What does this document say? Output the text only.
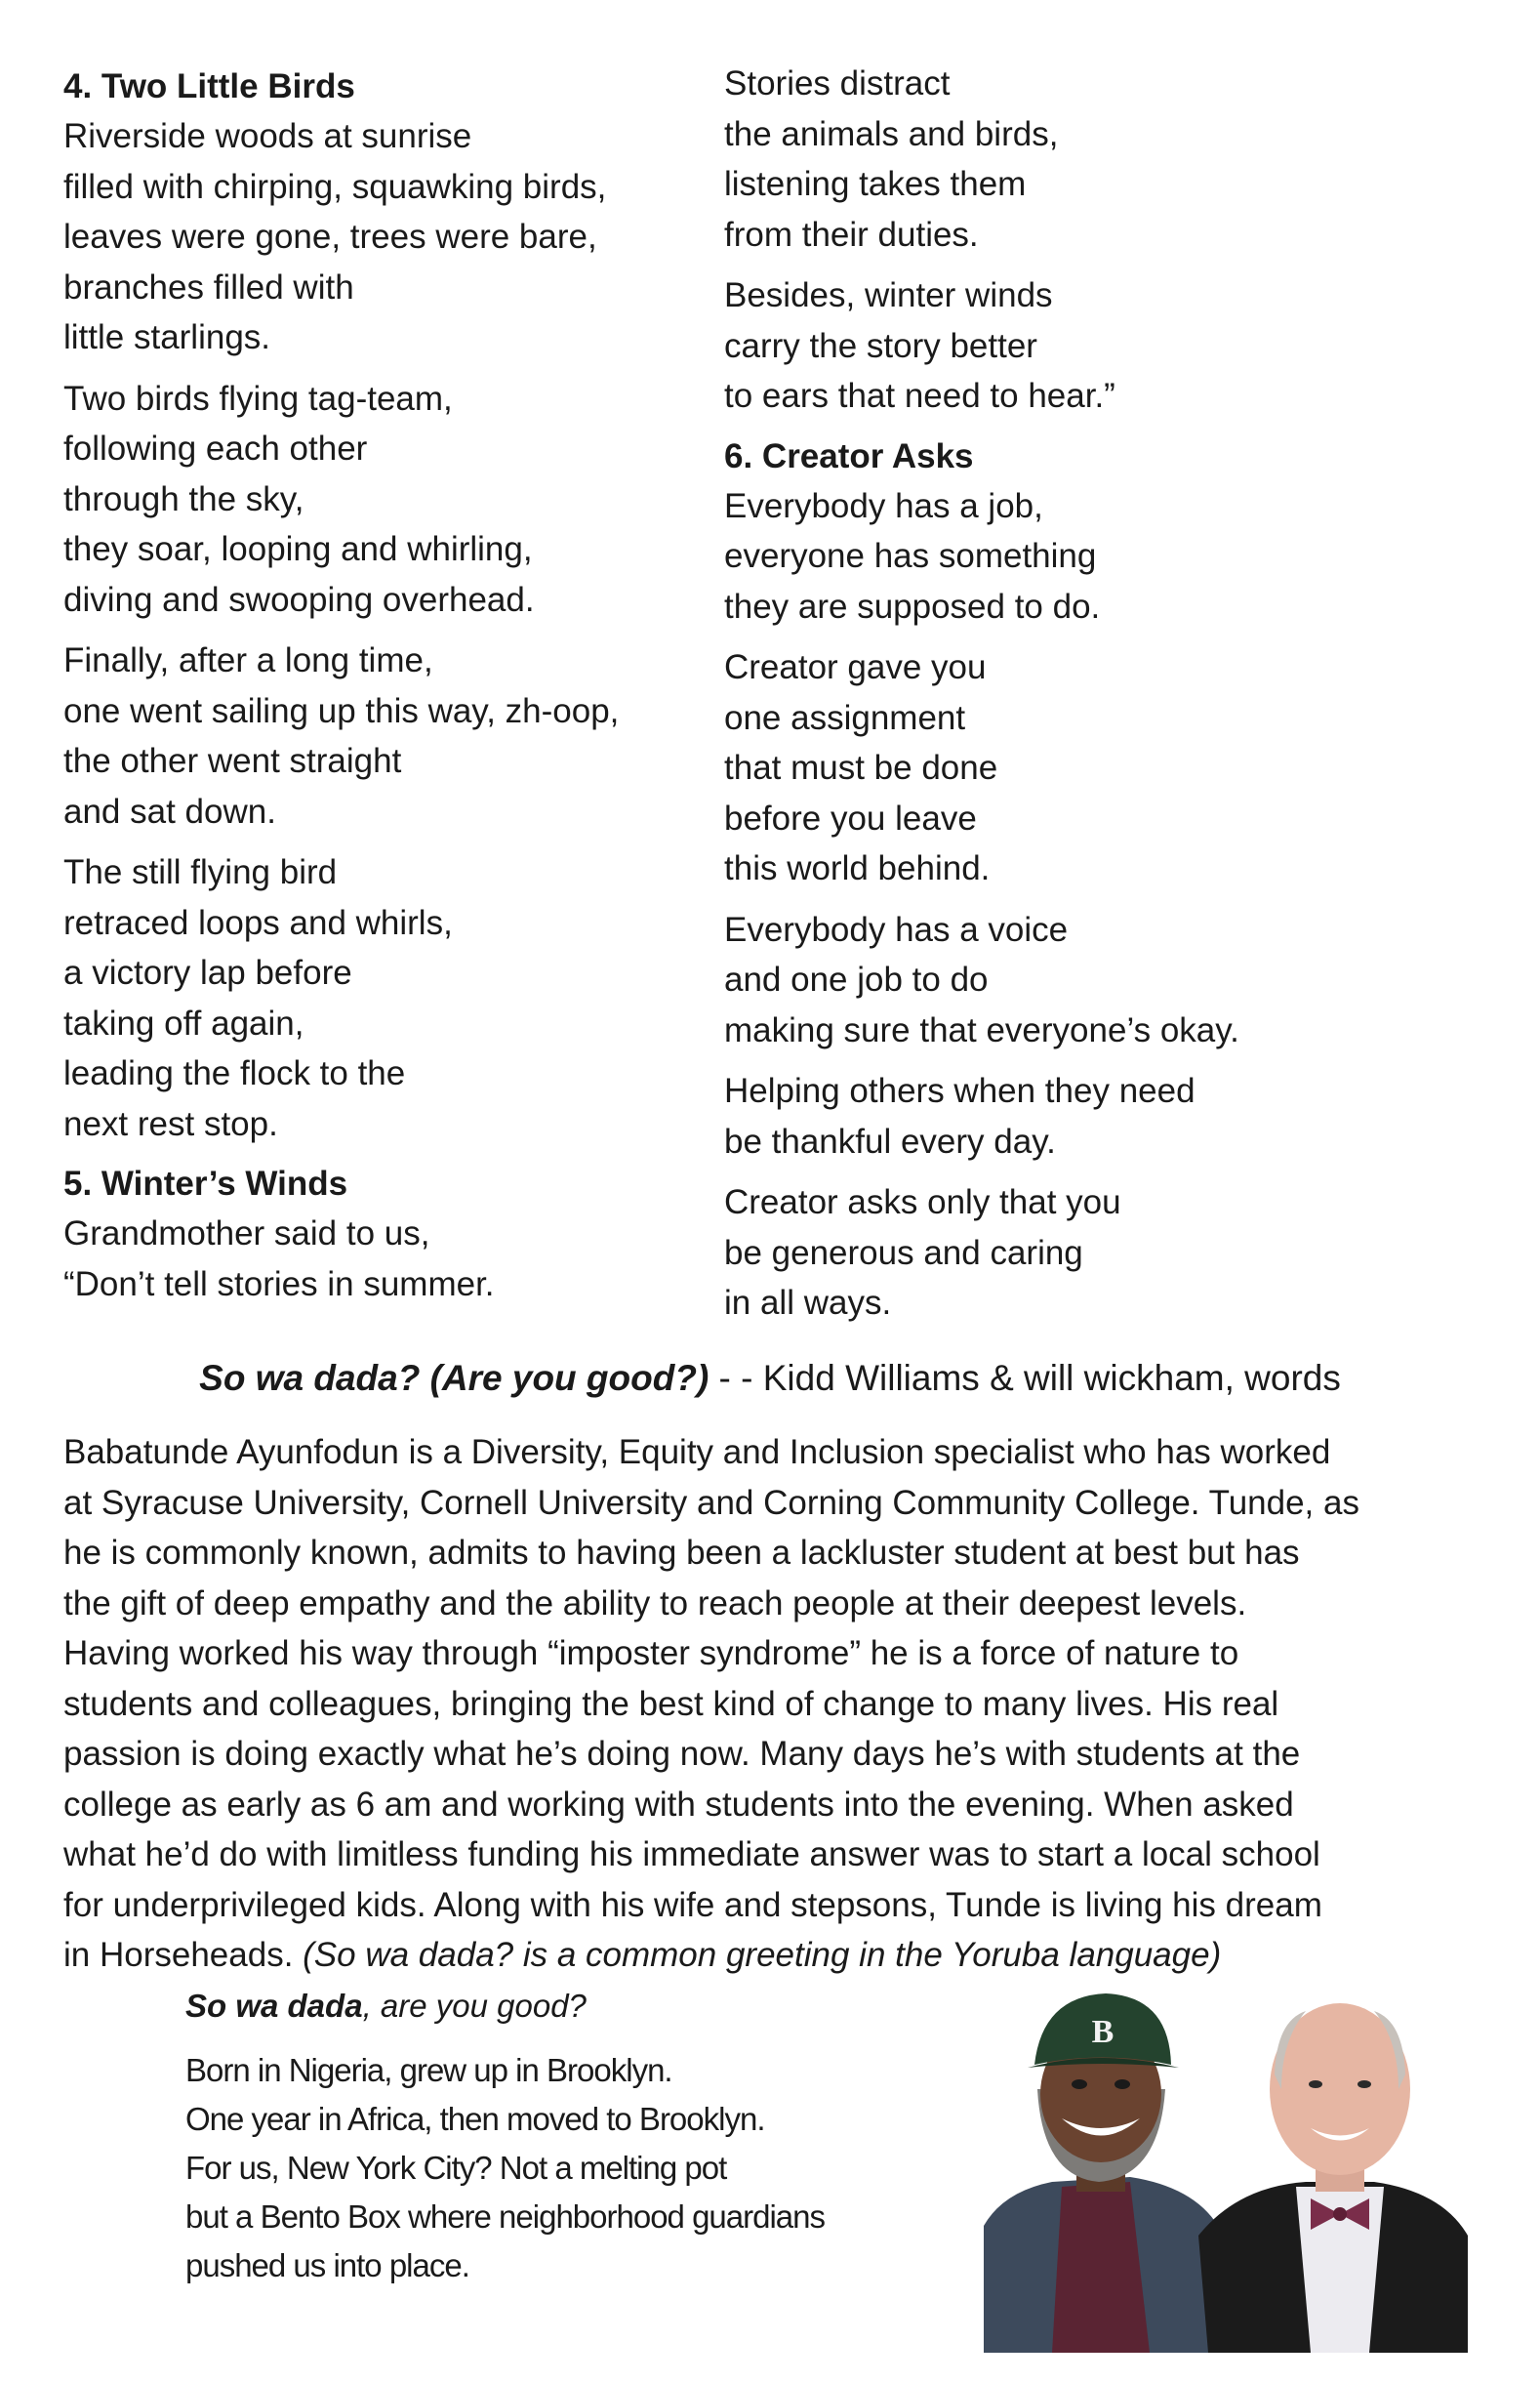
4. Two Little Birds

Riverside woods at sunrise
filled with chirping, squawking birds,
leaves were gone, trees were bare,
branches filled with
little starlings.
Two birds flying tag-team,
following each other
through the sky,
they soar, looping and whirling,
diving and swooping overhead.
Finally, after a long time,
one went sailing up this way, zh-oop,
the other went straight
and sat down.
The still flying bird
retraced loops and whirls,
a victory lap before
taking off again,
leading the flock to the
next rest stop.

5. Winter’s Winds

Grandmother said to us,
“Don’t tell stories in summer.
Stories distract
the animals and birds,
listening takes them
from their duties.
Besides, winter winds
carry the story better
to ears that need to hear.”

6. Creator Asks

Everybody has a job,
everyone has something
they are supposed to do.
Creator gave you
one assignment
that must be done
before you leave
this world behind.
Everybody has a voice
and one job to do
making sure that everyone’s okay.
Helping others when they need
be thankful every day.
Creator asks only that you
be generous and caring
in all ways.
So wa dada? (Are you good?) - - Kidd Williams & will wickham, words
Babatunde Ayunfodun is a Diversity, Equity and Inclusion specialist who has worked
at Syracuse University, Cornell University and Corning Community College. Tunde, as
he is commonly known, admits to having been a lackluster student at best but has
the gift of deep empathy and the ability to reach people at their deepest levels.
Having worked his way through “imposter syndrome” he is a force of nature to
students and colleagues, bringing the best kind of change to many lives. His real
passion is doing exactly what he’s doing now. Many days he’s with students at the
college as early as 6 am and working with students into the evening. When asked
what he’d do with limitless funding his immediate answer was to start a local school
for underprivileged kids. Along with his wife and stepsons, Tunde is living his dream
in Horseheads. (So wa dada? is a common greeting in the Yoruba language)
So wa dada, are you good?
Born in Nigeria, grew up in Brooklyn.
One year in Africa, then moved to Brooklyn.
For us, New York City? Not a melting pot
but a Bento Box where neighborhood guardians
pushed us into place.
B
